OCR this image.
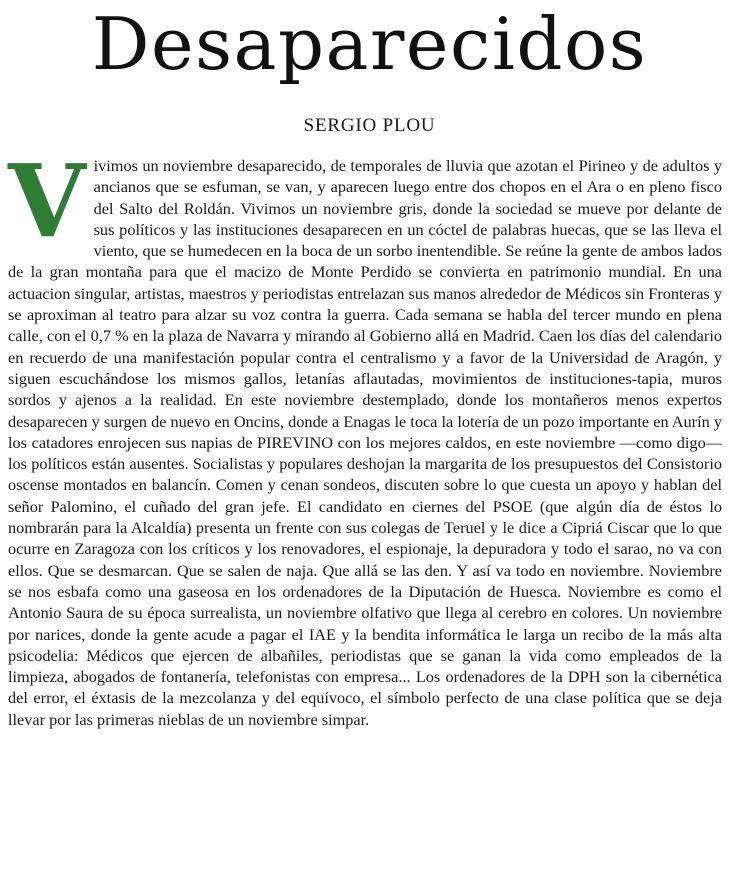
Desaparecidos
SERGIO PLOU
V ivimos un noviembre desaparecido, de temporales de lluvia que azotan el Pirineo y de adultos y ancianos que se esfuman, se van, y aparecen luego entre dos chopos en el Ara o en pleno fisco del Salto del Roldán. Vivimos un noviembre gris, donde la sociedad se mueve por delante de sus políticos y las instituciones desaparecen en un cóctel de palabras huecas, que se las lleva el viento, que se humedecen en la boca de un sorbo inentendible. Se reúne la gente de ambos lados de la gran montaña para que el macizo de Monte Perdido se convierta en patrimonio mundial. En una actuacion singular, artistas, maestros y periodistas entrelazan sus manos alrededor de Médicos sin Fronteras y se aproximan al teatro para alzar su voz contra la guerra. Cada semana se habla del tercer mundo en plena calle, con el 0,7 % en la plaza de Navarra y mirando al Gobierno allá en Madrid. Caen los días del calendario en recuerdo de una manifestación popular contra el centralismo y a favor de la Universidad de Aragón, y siguen escuchándose los mismos gallos, letanías aflautadas, movimientos de instituciones-tapia, muros sordos y ajenos a la realidad. En este noviembre destemplado, donde los montañeros menos expertos desaparecen y surgen de nuevo en Oncins, donde a Enagas le toca la lotería de un pozo importante en Aurín y los catadores enrojecen sus napias de PIREVINO con los mejores caldos, en este noviembre —como digo— los políticos están ausentes. Socialistas y populares deshojan la margarita de los presupuestos del Consistorio oscense montados en balancín. Comen y cenan sondeos, discuten sobre lo que cuesta un apoyo y hablan del señor Palomino, el cuñado del gran jefe. El candidato en ciernes del PSOE (que algún día de éstos lo nombrarán para la Alcaldía) presenta un frente con sus colegas de Teruel y le dice a Cipriá Ciscar que lo que ocurre en Zaragoza con los críticos y los renovadores, el espionaje, la depuradora y todo el sarao, no va con ellos. Que se desmarcan. Que se salen de naja. Que allá se las den. Y así va todo en noviembre. Noviembre se nos esbafa como una gaseosa en los ordenadores de la Diputación de Huesca. Noviembre es como el Antonio Saura de su época surrealista, un noviembre olfativo que llega al cerebro en colores. Un noviembre por narices, donde la gente acude a pagar el IAE y la bendita informática le larga un recibo de la más alta psicodelia: Médicos que ejercen de albañiles, periodistas que se ganan la vida como empleados de la limpieza, abogados de fontanería, telefonistas con empresa... Los ordenadores de la DPH son la cibernética del error, el éxtasis de la mezcolanza y del equívoco, el símbolo perfecto de una clase política que se deja llevar por las primeras nieblas de un noviembre simpar.
